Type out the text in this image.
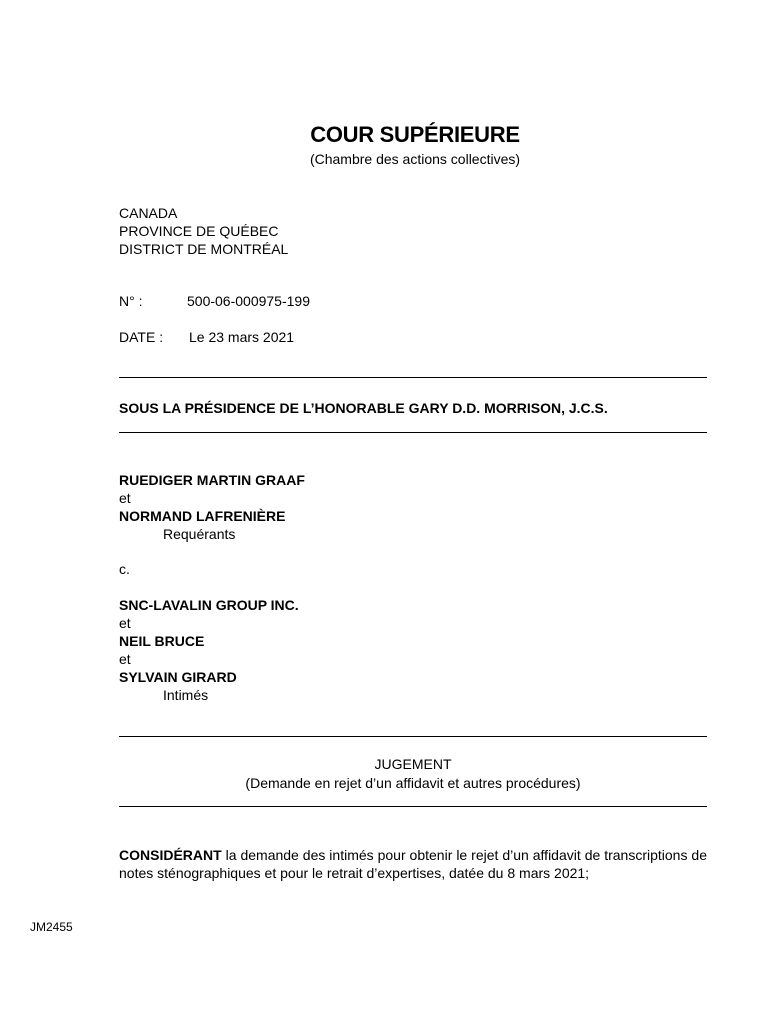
COUR SUPÉRIEURE
(Chambre des actions collectives)
CANADA
PROVINCE DE QUÉBEC
DISTRICT DE MONTRÉAL
N° :	500-06-000975-199
DATE : Le 23 mars 2021
SOUS LA PRÉSIDENCE DE L’HONORABLE GARY D.D. MORRISON, J.C.S.
RUEDIGER MARTIN GRAAF
et
NORMAND LAFRENIÈRE
Requérants
c.
SNC-LAVALIN GROUP INC.
et
NEIL BRUCE
et
SYLVAIN GIRARD
Intimés
JUGEMENT
(Demande en rejet d’un affidavit et autres procédures)
CONSIDÉRANT la demande des intimés pour obtenir le rejet d’un affidavit de transcriptions de notes sténographiques et pour le retrait d’expertises, datée du 8 mars 2021;
JM2455
